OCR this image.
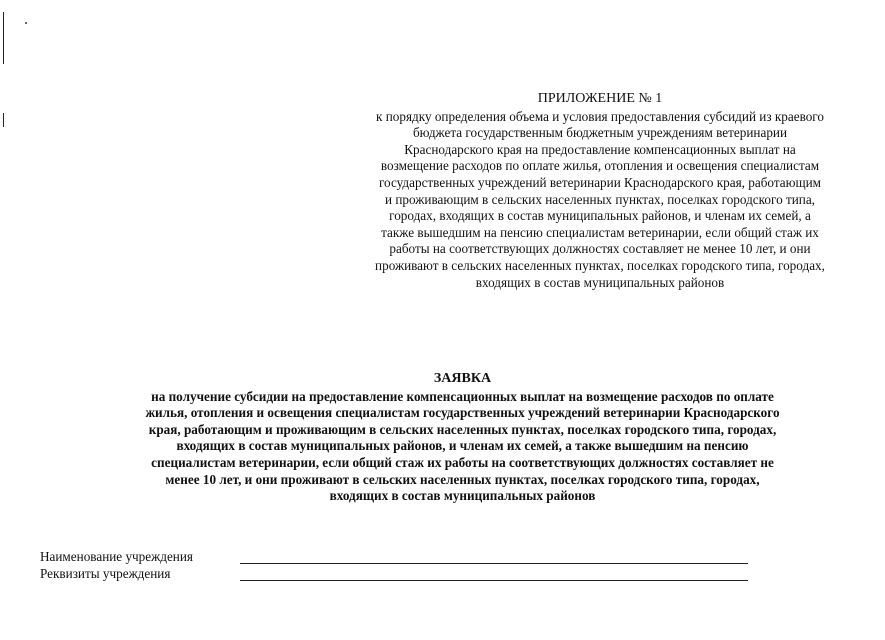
ПРИЛОЖЕНИЕ № 1
к порядку определения объема и условия предоставления субсидий из краевого бюджета государственным бюджетным учреждениям ветеринарии Краснодарского края на предоставление компенсационных выплат на возмещение расходов по оплате жилья, отопления и освещения специалистам государственных учреждений ветеринарии Краснодарского края, работающим и проживающим в сельских населенных пунктах, поселках городского типа, городах, входящих в состав муниципальных районов, и членам их семей, а также вышедшим на пенсию специалистам ветеринарии, если общий стаж их работы на соответствующих должностях составляет не менее 10 лет, и они проживают в сельских населенных пунктах, поселках городского типа, городах, входящих в состав муниципальных районов
ЗАЯВКА
на получение субсидии на предоставление компенсационных выплат на возмещение расходов по оплате жилья, отопления и освещения специалистам государственных учреждений ветеринарии Краснодарского края, работающим и проживающим в сельских населенных пунктах, поселках городского типа, городах, входящих в состав муниципальных районов, и членам их семей, а также вышедшим на пенсию специалистам ветеринарии, если общий стаж их работы на соответствующих должностях составляет не менее 10 лет, и они проживают в сельских населенных пунктах, поселках городского типа, городах, входящих в состав муниципальных районов
Наименование учреждения
Реквизиты учреждения
